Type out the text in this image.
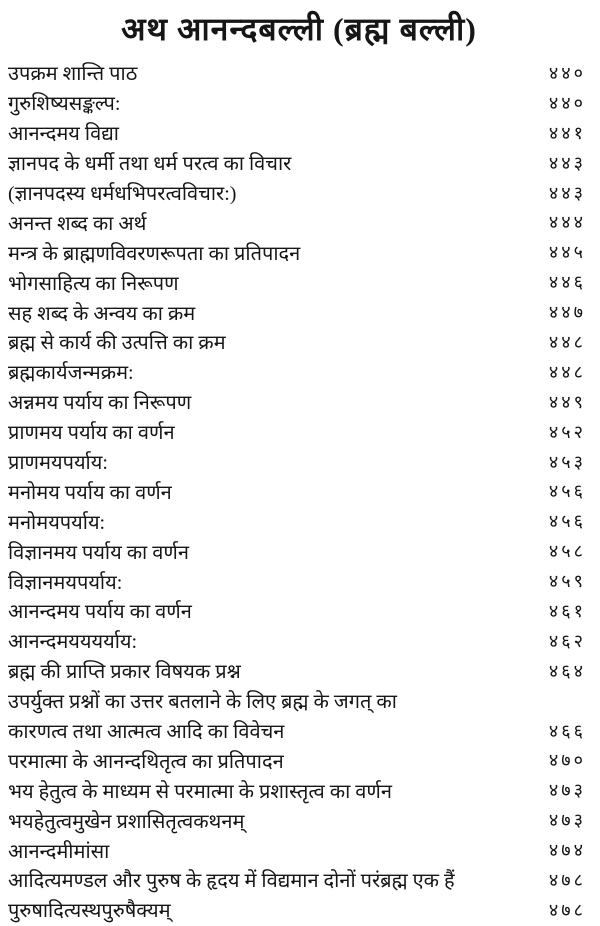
अथ आनन्दबल्ली (ब्रह्म बल्ली)
उपक्रम शान्ति पाठ	४४०
गुरुशिष्यसङ्कल्प:	४४०
आनन्दमय विद्या	४४१
ज्ञानपद के धर्मी तथा धर्म परत्व का विचार	४४३
(ज्ञानपदस्य धर्मधभिपरत्वविचार:)	४४३
अनन्त शब्द का अर्थ	४४४
मन्त्र के ब्राह्मणविवरणरूपता का प्रतिपादन	४४५
भोगसाहित्य का निरूपण	४४६
सह शब्द के अन्वय का क्रम	४४७
ब्रह्म से कार्य की उत्पत्ति का क्रम	४४८
ब्रह्मकार्यजन्मक्रम:	४४८
अन्नमय पर्याय का निरूपण	४४९
प्राणमय पर्याय का वर्णन	४५२
प्राणमयपर्याय:	४५३
मनोमय पर्याय का वर्णन	४५६
मनोमयपर्याय:	४५६
विज्ञानमय पर्याय का वर्णन	४५८
विज्ञानमयपर्याय:	४५९
आनन्दमय पर्याय का वर्णन	४६१
आनन्दमयययर्याय:	४६२
ब्रह्म की प्राप्ति प्रकार विषयक प्रश्न	४६४
उपर्युक्त प्रश्नों का उत्तर बतलाने के लिए ब्रह्म के जगत् का
कारणत्व तथा आत्मत्व आदि का विवेचन	४६६
परमात्मा के आनन्दथितृत्व का प्रतिपादन	४७०
भय हेतुत्व के माध्यम से परमात्मा के प्रशास्तृत्व का वर्णन	४७३
भयहेतुत्वमुखेन प्रशासितृत्वकथनम्	४७३
आनन्दमीमांसा	४७४
आदित्यमण्डल और पुरुष के हृदय में विद्यमान दोनों परंब्रह्म एक हैं	४७८
पुरुषादित्यस्थपुरुषैक्यम्	४७८
